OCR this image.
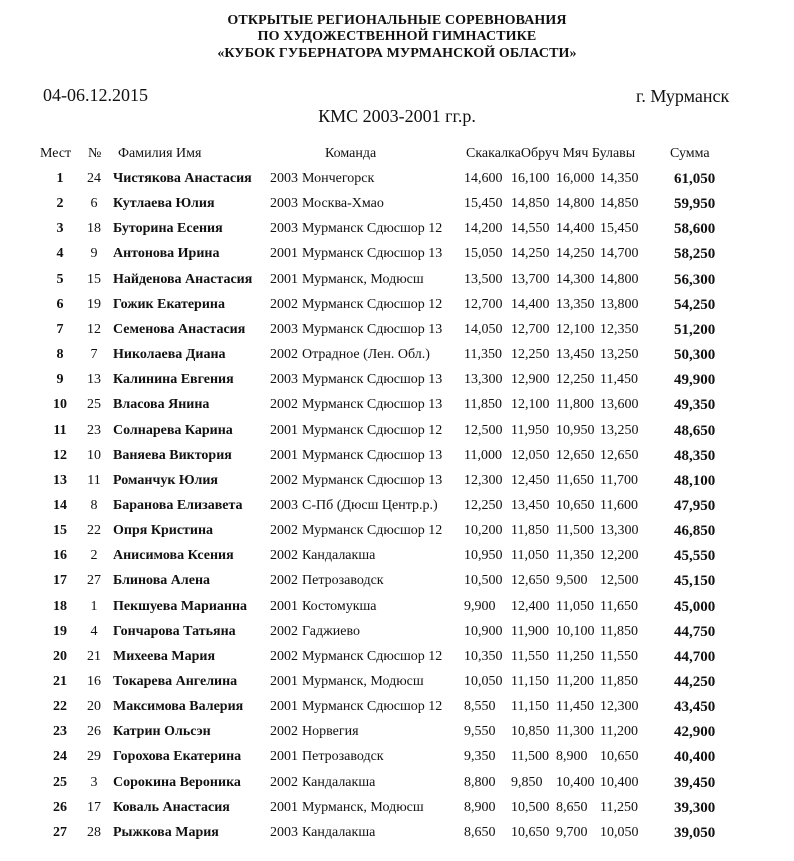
ОТКРЫТЫЕ РЕГИОНАЛЬНЫЕ СОРЕВНОВАНИЯ
ПО ХУДОЖЕСТВЕННОЙ ГИМНАСТИКЕ
«КУБОК ГУБЕРНАТОРА МУРМАНСКОЙ ОБЛАСТИ»
04-06.12.2015	г. Мурманск
КМС 2003-2001 гг.р.
Мест № Фамилия Имя	Команда	СкакалкаОбруч Мяч Булавы Сумма
1	24 Чистякова Анастасия 2003 Мончегорск	14,600 16,100 16,000 14,350 61,050
2	6	Кутлаева Юлия	2003 Москва-Хмао	15,450 14,850 14,800 14,850 59,950
3	18 Буторина Есения	2003 Мурманск Сдюсшор 12 14,200 14,550 14,400 15,450 58,600
4	9	Антонова Ирина	2001 Мурманск Сдюсшор 13 15,050 14,250 14,250 14,700 58,250
5	15 Найденова Анастасия 2001 Мурманск, Модюсш	13,500 13,700 14,300 14,800 56,300
6	19 Гожик Екатерина	2002 Мурманск Сдюсшор 12 12,700 14,400 13,350 13,800 54,250
7	12 Семенова Анастасия 2003 Мурманск Сдюсшор 13 14,050 12,700 12,100 12,350 51,200
8	7	Николаева Диана	2002 Отрадное (Лен. Обл.) 11,350 12,250 13,450 13,250 50,300
9	13 Калинина Евгения	2003 Мурманск Сдюсшор 13 13,300 12,900 12,250 11,450 49,900
10 25 Власова Янина	2002 Мурманск Сдюсшор 13 11,850 12,100 11,800 13,600 49,350
11 23 Солнарева Карина	2001 Мурманск Сдюсшор 12 12,500 11,950 10,950 13,250 48,650
12 10 Ваняева Виктория	2001 Мурманск Сдюсшор 13 11,000 12,050 12,650 12,650 48,350
13 11 Романчук Юлия	2002 Мурманск Сдюсшор 13 12,300 12,450 11,650 11,700 48,100
14	8	Баранова Елизавета 2003 С-Пб (Дюсш Центр.р.) 12,250 13,450 10,650 11,600 47,950
15 22 Опря Кристина	2002 Мурманск Сдюсшор 12 10,200 11,850 11,500 13,300 46,850
16	2	Анисимова Ксения	2002 Кандалакша	10,950 11,050 11,350 12,200 45,550
17 27 Блинова Алена	2002 Петрозаводск	10,500 12,650 9,500 12,500 45,150
18	1	Пекшуева Марианна 2001 Костомукша	9,900 12,400 11,050 11,650 45,000
19	4	Гончарова Татьяна 2002 Гаджиево	10,900 11,900 10,100 11,850 44,750
20 21 Михеева Мария	2002 Мурманск Сдюсшор 12 10,350 11,550 11,250 11,550 44,700
21 16 Токарева Ангелина 2001 Мурманск, Модюсш	10,050 11,150 11,200 11,850 44,250
22 20 Максимова Валерия 2001 Мурманск Сдюсшор 12 8,550 11,150 11,450 12,300 43,450
23 26 Катрин Ольсэн	2002 Норвегия	9,550 10,850 11,300 11,200 42,900
24 29 Горохова Екатерина 2001 Петрозаводск	9,350 11,500 8,900 10,650 40,400
25	3	Сорокина Вероника 2002 Кандалакша	8,800 9,850 10,400 10,400 39,450
26 17 Коваль Анастасия	2001 Мурманск, Модюсш	8,900 10,500 8,650 11,250 39,300
27 28 Рыжкова Мария	2003 Кандалакша	8,650 10,650 9,700 10,050 39,050
